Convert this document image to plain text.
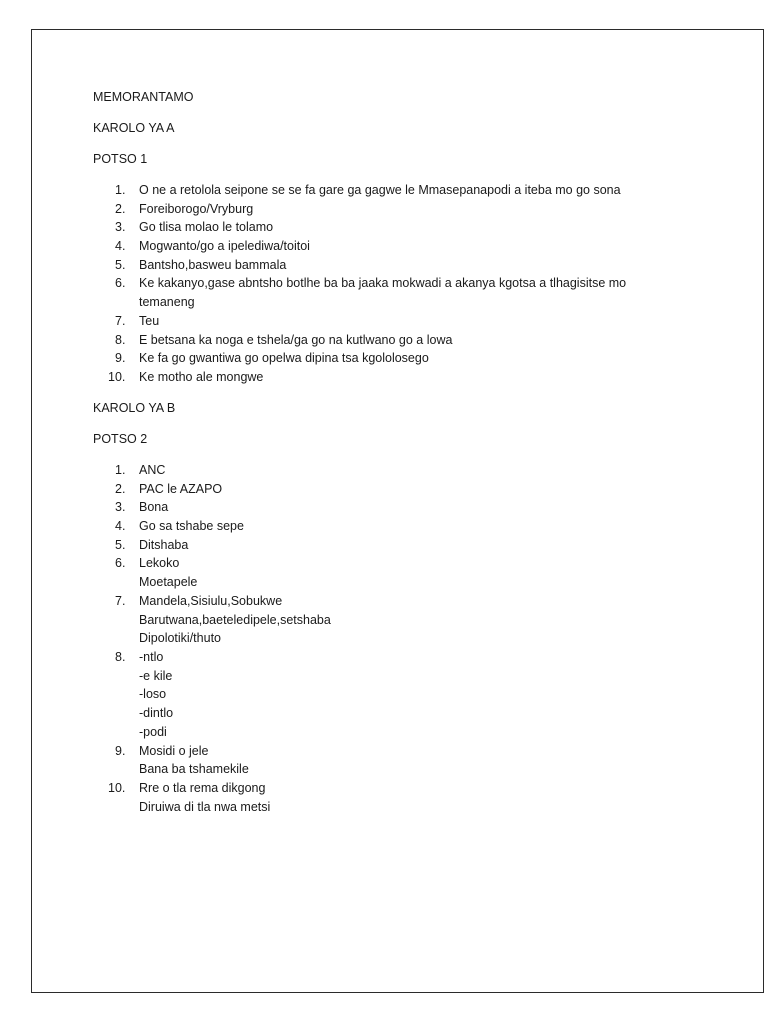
MEMORANTAMO
KAROLO YA A
POTSO 1
1.	O ne a retolola seipone se se fa gare ga gagwe le Mmasepanapodi a iteba mo go sona
2.	Foreiborogo/Vryburg
3.	Go tlisa molao le tolamo
4.	Mogwanto/go a ipelediwa/toitoi
5.	Bantsho,basweu bammala
6.	Ke kakanyo,gase abntsho botlhe ba ba jaaka mokwadi a akanya kgotsa a tlhagisitse mo
temaneng
7.	Teu
8.	E betsana ka noga e tshela/ga go na kutlwano go a lowa
9.	Ke fa go gwantiwa go opelwa dipina tsa kgololosego
10.	Ke motho ale mongwe
KAROLO YA B
POTSO 2
1.	ANC
2.	PAC le AZAPO
3.	Bona
4.	Go sa tshabe sepe
5.	Ditshaba
6.	Lekoko
Moetapele
7.	Mandela,Sisiulu,Sobukwe
Barutwana,baeteledipele,setshaba
Dipolotiki/thuto
8.	-ntlo
-e kile
-loso
-dintlo
-podi
9.	Mosidi o jele
Bana ba tshamekile
10.	Rre o tla rema dikgong
Diruiwa di tla nwa metsi
